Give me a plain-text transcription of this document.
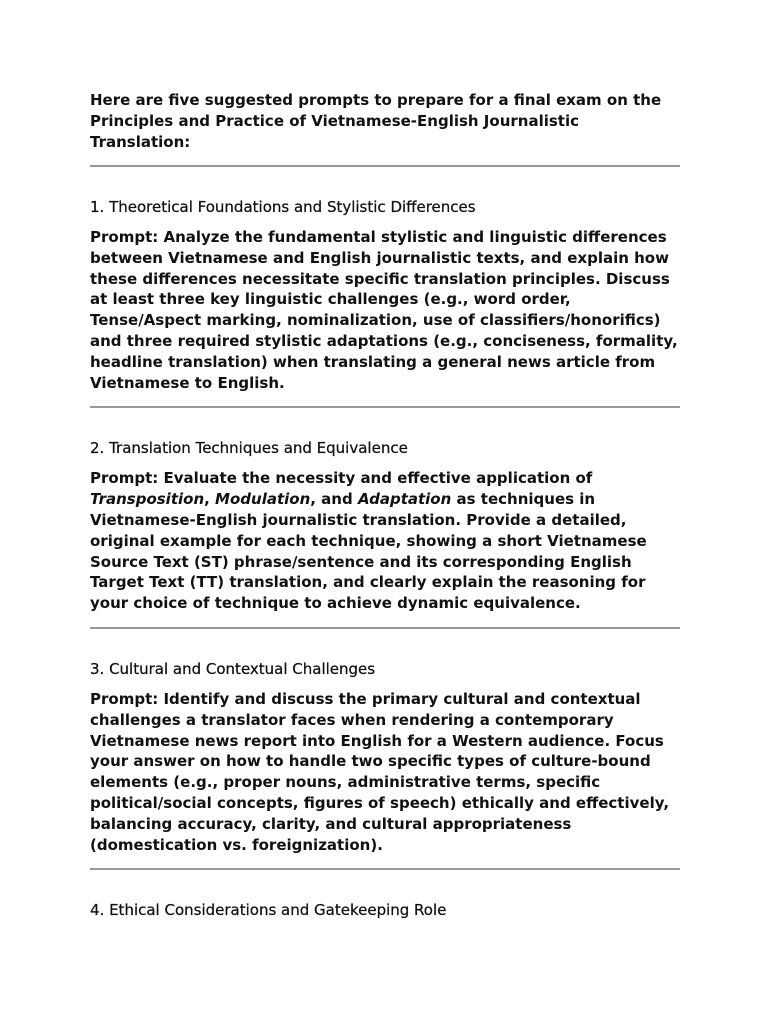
Here are five suggested prompts to prepare for a final exam on the Principles and Practice of Vietnamese-English Journalistic Translation:

1. Theoretical Foundations and Stylistic Differences

Prompt: Analyze the fundamental stylistic and linguistic differences between Vietnamese and English journalistic texts, and explain how these differences necessitate specific translation principles. Discuss at least three key linguistic challenges (e.g., word order, Tense/Aspect marking, nominalization, use of classifiers/honorifics) and three required stylistic adaptations (e.g., conciseness, formality, headline translation) when translating a general news article from Vietnamese to English.

2. Translation Techniques and Equivalence

Prompt: Evaluate the necessity and effective application of Transposition, Modulation, and Adaptation as techniques in Vietnamese-English journalistic translation. Provide a detailed, original example for each technique, showing a short Vietnamese Source Text (ST) phrase/sentence and its corresponding English Target Text (TT) translation, and clearly explain the reasoning for your choice of technique to achieve dynamic equivalence.

3. Cultural and Contextual Challenges

Prompt: Identify and discuss the primary cultural and contextual challenges a translator faces when rendering a contemporary Vietnamese news report into English for a Western audience. Focus your answer on how to handle two specific types of culture-bound elements (e.g., proper nouns, administrative terms, specific political/social concepts, figures of speech) ethically and effectively, balancing accuracy, clarity, and cultural appropriateness (domestication vs. foreignization).

4. Ethical Considerations and Gatekeeping Role
